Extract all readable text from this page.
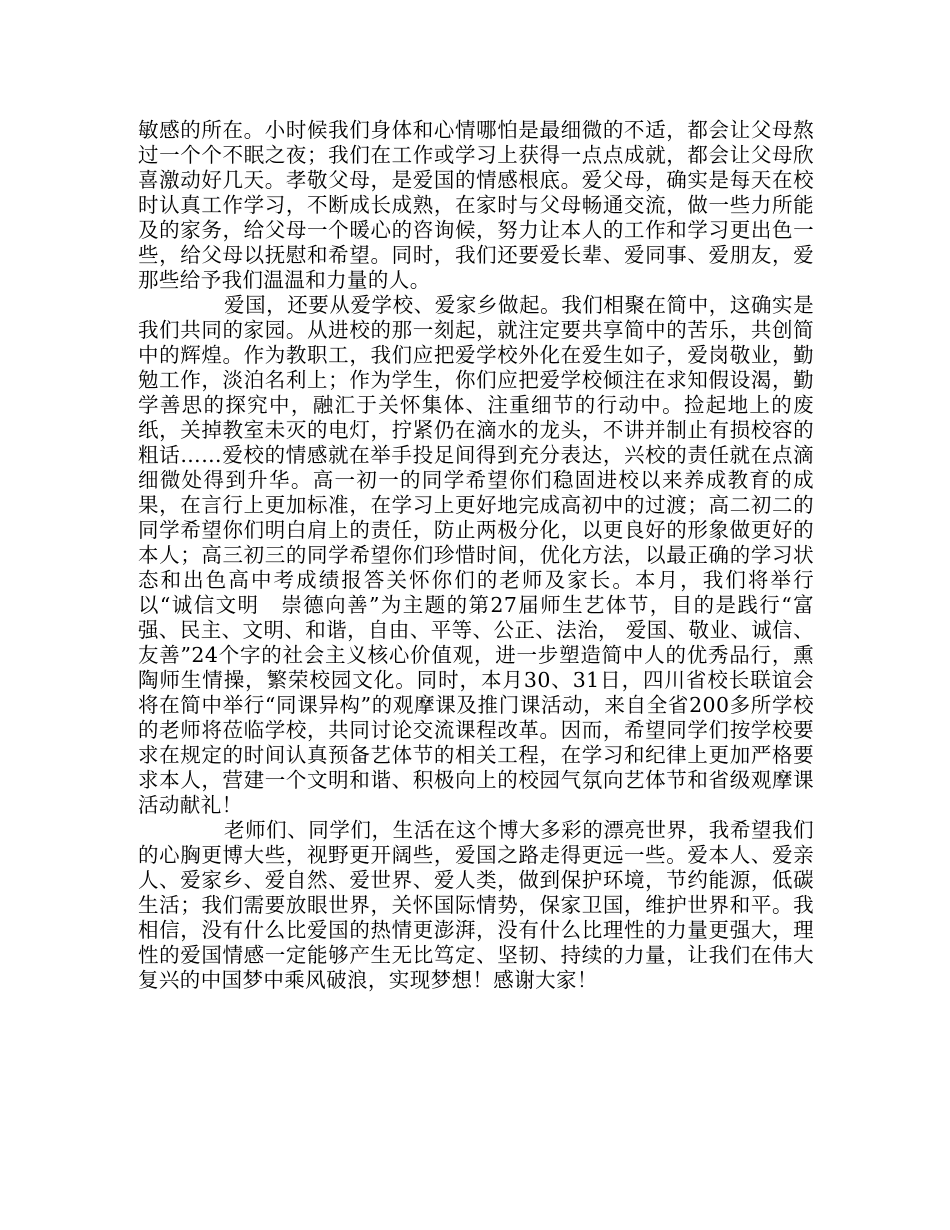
敏感的所在。小时候我们身体和心情哪怕是最细微的不适，都会让父母熬过一个个不眠之夜；我们在工作或学习上获得一点点成就，都会让父母欣喜激动好几天。孝敬父母，是爱国的情感根底。爱父母，确实是每天在校时认真工作学习，不断成长成熟，在家时与父母畅通交流，做一些力所能及的家务，给父母一个暖心的咨询候，努力让本人的工作和学习更出色一些，给父母以抚慰和希望。同时，我们还要爱长辈、爱同事、爱朋友，爱那些给予我们温温和力量的人。

爱国，还要从爱学校、爱家乡做起。我们相聚在简中，这确实是我们共同的家园。从进校的那一刻起，就注定要共享简中的苦乐，共创简中的辉煌。作为教职工，我们应把爱学校外化在爱生如子，爱岗敬业，勤勉工作，淡泊名利上；作为学生，你们应把爱学校倾注在求知假设渴，勤学善思的探究中，融汇于关怀集体、注重细节的行动中。捡起地上的废纸，关掉教室未灭的电灯，拧紧仍在滴水的龙头，不讲并制止有损校容的粗话……爱校的情感就在举手投足间得到充分表达，兴校的责任就在点滴细微处得到升华。高一初一的同学希望你们稳固进校以来养成教育的成果，在言行上更加标准，在学习上更好地完成高初中的过渡；高二初二的同学希望你们明白肩上的责任，防止两极分化，以更良好的形象做更好的本人；高三初三的同学希望你们珍惜时间，优化方法，以最正确的学习状态和出色高中考成绩报答关怀你们的老师及家长。本月，我们将举行以“诚信文明　崇德向善”为主题的第27届师生艺体节，目的是践行“富强、民主、文明、和谐，自由、平等、公正、法治， 爱国、敬业、诚信、友善”24个字的社会主义核心价值观，进一步塑造简中人的优秀品行，熏陶师生情操，繁荣校园文化。同时，本月30、31日，四川省校长联谊会将在简中举行“同课异构”的观摩课及推门课活动，来自全省200多所学校的老师将莅临学校，共同讨论交流课程改革。因而，希望同学们按学校要求在规定的时间认真预备艺体节的相关工程，在学习和纪律上更加严格要求本人，营建一个文明和谐、积极向上的校园气氛向艺体节和省级观摩课活动献礼！

老师们、同学们，生活在这个博大多彩的漂亮世界，我希望我们的心胸更博大些，视野更开阔些，爱国之路走得更远一些。爱本人、爱亲人、爱家乡、爱自然、爱世界、爱人类，做到保护环境，节约能源，低碳生活；我们需要放眼世界，关怀国际情势，保家卫国，维护世界和平。我相信，没有什么比爱国的热情更澎湃，没有什么比理性的力量更强大，理性的爱国情感一定能够产生无比笃定、坚韧、持续的力量，让我们在伟大复兴的中国梦中乘风破浪，实现梦想！感谢大家！
